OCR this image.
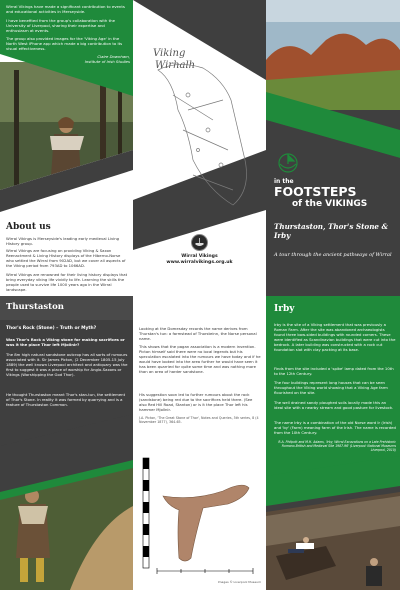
Wirral Vikings have made a significant contribution to events and educational activities in Merseyside.
I have benefited from the group's collaboration with the University of Liverpool, sharing their expertise and enthusiasm at events.
The group also provided images for the 'Viking Age' in the North West iPhone app which made a big contribution to its visual effectiveness.
Claire Downham,
Institute of Irish Studies
About us
Wirral Vikings is Merseyside's leading early medieval Living History group.
Wirral Vikings are focusing on providing Viking & Saxon Reenactment & Living History displays of the Hiberno-Norse who settled the Wirral from 902AD, but we cover all aspects of the Viking period from 793AD to 1066AD.
Wirral Vikings are renowned for their living history displays that bring everyday viking life vividly to life. Learning the skills the people used to survive life 1000 years ago in the Wirral landscape.
Viking
Wirhalh
Wirral Vikings
www.wirralvikings.org.uk
in the
FOOTSTEPS
of the VIKINGS
Thurstaston, Thor's Stone & Irby
A tour through the ancient pathways of Wirral
Thurstaston
Thor's Rock (Stone) – Truth or Myth?
Was Thor's Rock a Viking stone for making sacrifices or was it the place Thor left Mjollnir?
The 8m high natural sandstone outcrop has all sorts of rumours associated with it. Sir James Picton, (2 December 1805-15 July 1889) the well known Liverpool architect and antiquary was the first to suggest it was a place of worship for Anglo-Saxons or Vikings (Worshipping the God Thor).
He thought Thurstaston meant Thor's stan-tun, the settlement of Thor's Stone. In reality it was formed by quarrying and is a feature of Thurstaston Common.
Looking at the Domesday records the name derives from Thurstan's tun: a farmstead of Thorsteinn, the Norse personal name.
This shows that the pagan association is a modern invention. Picton himself said there were no local legends but his speculation escalated into the rumours we have today and if he would have looked into the area further he would have seen it has been quarried for quite some time and was nothing more than an area of harder sandstone.
His suggestion soon led to further rumours about the rock (sandstone) being red due to the sacrifices held there. (See also Red Hill Road, Stanton) or is it the place Thor left his hammer Mjollnir.
J.A. Picton, 'The Great Stone of Thor', Notes and Queries, 5th series, 8 (4 November 1877), 364-65.
Images © Liverpool Museum
Irby
Irby is the site of a Viking settlement that was previously a Roman Farm. After the site was abandoned archaeologists found three bow-sided buildings with rounded corners. These were identified as Scandinavian buildings that were cut into the bedrock. A later building was constructed with a rock cut foundation slot with clay packing at its base.
Finds from the site included a 'spike' lamp dated from the 10th to the 12th Century.
The four buildings represent long houses that can be seen throughout the Viking world showing that a Viking Age farm flourished on the site.
The well drained sandy ploughed soils locally made this an ideal site with a nearby stream and good pasture for livestock.
The name Irby is a combination of the old Norse word Ir (Irish) and 'by' (Farm) meaning farm of the Irish. The name is recorded from the 10th Century.
R.A. Philpott and M.H. Adams, 'Irby, Wirral Excavations on a Late Prehistoric Romano-British and Medieval Site 1987-96' (Liverpool: National Museums Liverpool, 2010)
